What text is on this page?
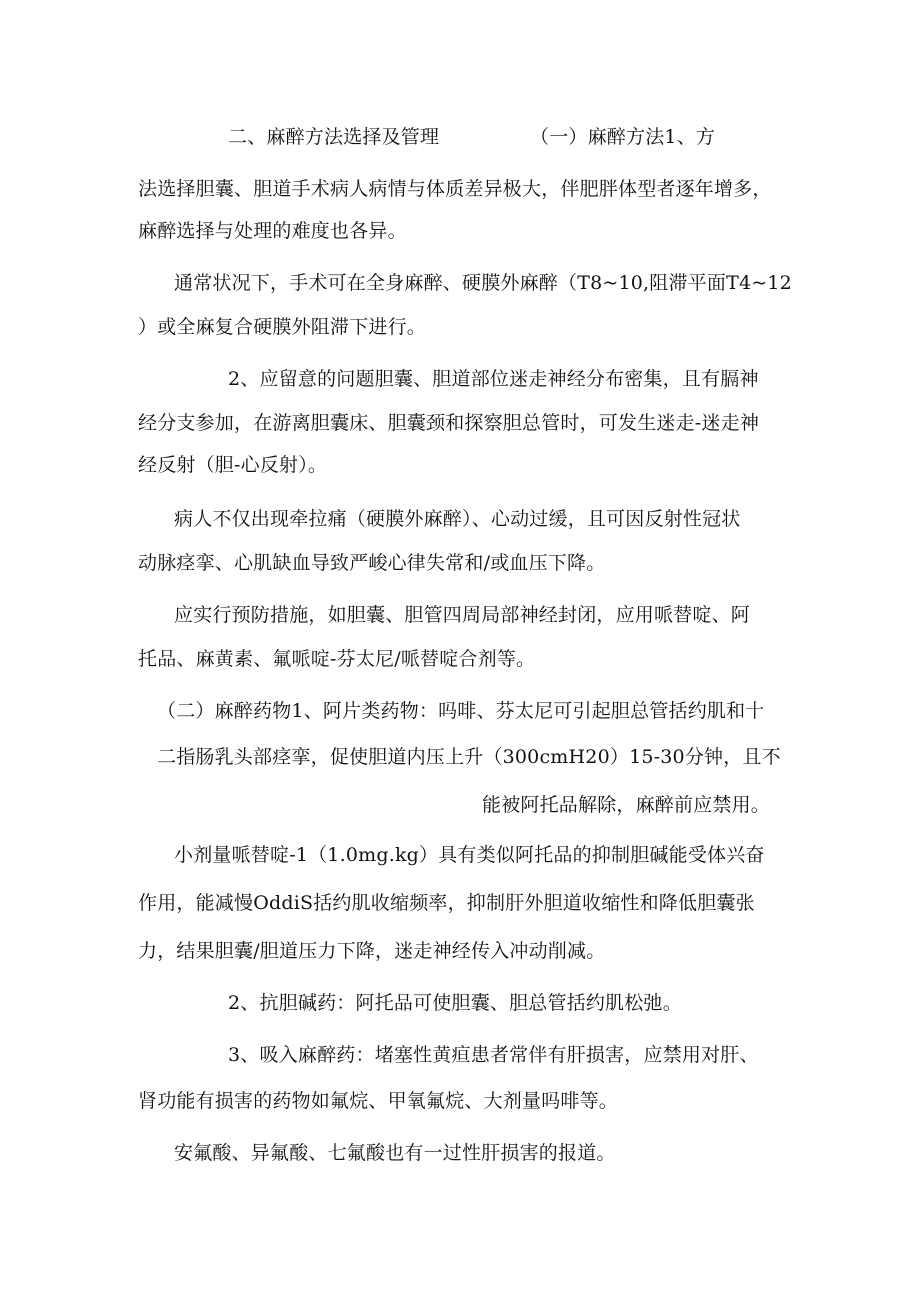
二、麻醉方法选择及管理	（一）麻醉方法1、方
法选择胆囊、胆道手术病人病情与体质差异极大，伴肥胖体型者逐年增多，
麻醉选择与处理的难度也各异。
通常状况下，手术可在全身麻醉、硬膜外麻醉（T8~10,阻滞平面T4~12
）或全麻复合硬膜外阻滞下进行。
2、应留意的问题胆囊、胆道部位迷走神经分布密集，且有膈神
经分支参加，在游离胆囊床、胆囊颈和探察胆总管时，可发生迷走-迷走神
经反射（胆-心反射）。
病人不仅出现牵拉痛（硬膜外麻醉）、心动过缓，且可因反射性冠状
动脉痉挛、心肌缺血导致严峻心律失常和/或血压下降。
应实行预防措施，如胆囊、胆管四周局部神经封闭，应用哌替啶、阿
托品、麻黄素、氟哌啶-芬太尼/哌替啶合剂等。
（二）麻醉药物1、阿片类药物：吗啡、芬太尼可引起胆总管括约肌和十
二指肠乳头部痉挛，促使胆道内压上升（300cmH20）15-30分钟，且不
能被阿托品解除，麻醉前应禁用。
小剂量哌替啶-1（1.0mg.kg）具有类似阿托品的抑制胆碱能受体兴奋
作用，能减慢OddiS括约肌收缩频率，抑制肝外胆道收缩性和降低胆囊张
力，结果胆囊/胆道压力下降，迷走神经传入冲动削减。
2、抗胆碱药：阿托品可使胆囊、胆总管括约肌松弛。
3、吸入麻醉药：堵塞性黄疸患者常伴有肝损害，应禁用对肝、
肾功能有损害的药物如氟烷、甲氧氟烷、大剂量吗啡等。
安氟酸、异氟酸、七氟酸也有一过性肝损害的报道。
